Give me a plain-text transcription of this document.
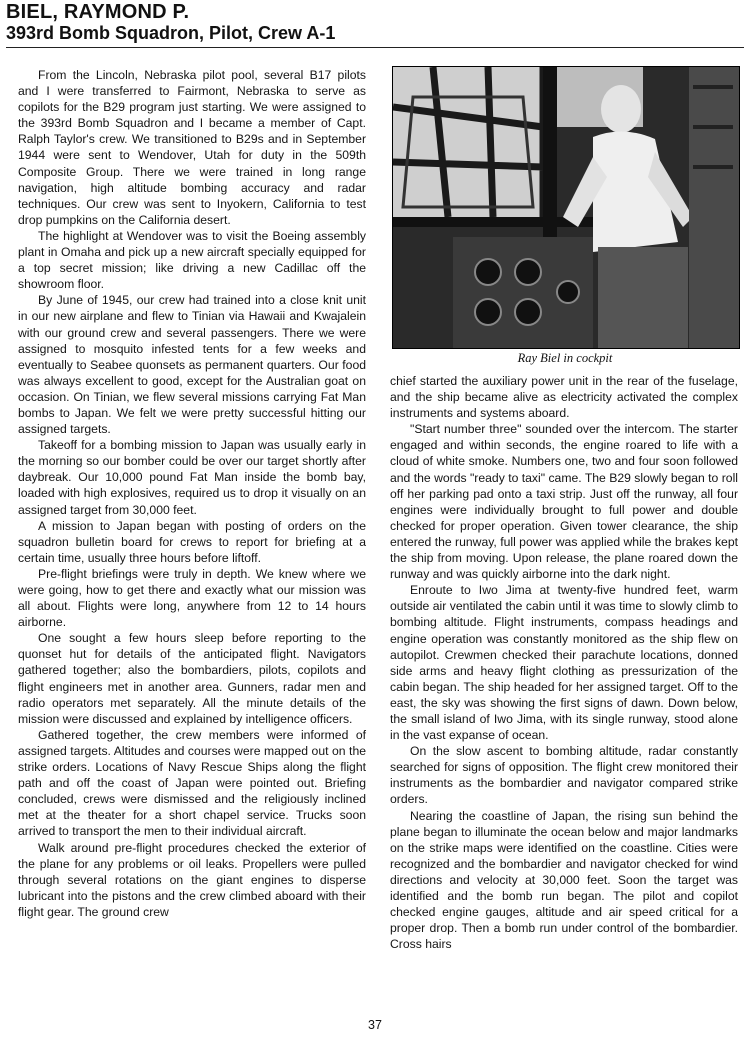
BIEL, RAYMOND P.
393rd Bomb Squadron, Pilot, Crew A-1

From the Lincoln, Nebraska pilot pool, several B17 pilots and I were transferred to Fairmont, Nebraska to serve as copilots for the B29 program just starting. We were assigned to the 393rd Bomb Squadron and I became a member of Capt. Ralph Taylor's crew. We transitioned to B29s and in September 1944 were sent to Wendover, Utah for duty in the 509th Composite Group. There we were trained in long range navigation, high altitude bombing accuracy and radar techniques. Our crew was sent to Inyokern, California to test drop pumpkins on the California desert.

The highlight at Wendover was to visit the Boeing assembly plant in Omaha and pick up a new aircraft specially equipped for a top secret mission; like driving a new Cadillac off the showroom floor.

By June of 1945, our crew had trained into a close knit unit in our new airplane and flew to Tinian via Hawaii and Kwajalein with our ground crew and several passengers. There we were assigned to mosquito infested tents for a few weeks and eventually to Seabee quonsets as permanent quarters. Our food was always excellent to good, except for the Australian goat on occasion. On Tinian, we flew several missions carrying Fat Man bombs to Japan. We felt we were pretty successful hitting our assigned targets.

Takeoff for a bombing mission to Japan was usually early in the morning so our bomber could be over our target shortly after daybreak. Our 10,000 pound Fat Man inside the bomb bay, loaded with high explosives, required us to drop it visually on an assigned target from 30,000 feet.

A mission to Japan began with posting of orders on the squadron bulletin board for crews to report for briefing at a certain time, usually three hours before liftoff.

Pre-flight briefings were truly in depth. We knew where we were going, how to get there and exactly what our mission was all about. Flights were long, anywhere from 12 to 14 hours airborne.

One sought a few hours sleep before reporting to the quonset hut for details of the anticipated flight. Navigators gathered together; also the bombardiers, pilots, copilots and flight engineers met in another area. Gunners, radar men and radio operators met separately. All the minute details of the mission were discussed and explained by intelligence officers.

Gathered together, the crew members were informed of assigned targets. Altitudes and courses were mapped out on the strike orders. Locations of Navy Rescue Ships along the flight path and off the coast of Japan were pointed out. Briefing concluded, crews were dismissed and the religiously inclined met at the theater for a short chapel service. Trucks soon arrived to transport the men to their individual aircraft.

Walk around pre-flight procedures checked the exterior of the plane for any problems or oil leaks. Propellers were pulled through several rotations on the giant engines to disperse lubricant into the pistons and the crew climbed aboard with their flight gear. The ground crew

Ray Biel in cockpit

chief started the auxiliary power unit in the rear of the fuselage, and the ship became alive as electricity activated the complex instruments and systems aboard.

"Start number three" sounded over the intercom. The starter engaged and within seconds, the engine roared to life with a cloud of white smoke. Numbers one, two and four soon followed and the words "ready to taxi" came. The B29 slowly began to roll off her parking pad onto a taxi strip. Just off the runway, all four engines were individually brought to full power and double checked for proper operation. Given tower clearance, the ship entered the runway, full power was applied while the brakes kept the ship from moving. Upon release, the plane roared down the runway and was quickly airborne into the dark night.

Enroute to Iwo Jima at twenty-five hundred feet, warm outside air ventilated the cabin until it was time to slowly climb to bombing altitude. Flight instruments, compass headings and engine operation was constantly monitored as the ship flew on autopilot. Crewmen checked their parachute locations, donned side arms and heavy flight clothing as pressurization of the cabin began. The ship headed for her assigned target. Off to the east, the sky was showing the first signs of dawn. Down below, the small island of Iwo Jima, with its single runway, stood alone in the vast expanse of ocean.

On the slow ascent to bombing altitude, radar constantly searched for signs of opposition. The flight crew monitored their instruments as the bombardier and navigator compared strike orders.

Nearing the coastline of Japan, the rising sun behind the plane began to illuminate the ocean below and major landmarks on the strike maps were identified on the coastline. Cities were recognized and the bombardier and navigator checked for wind directions and velocity at 30,000 feet. Soon the target was identified and the bomb run began. The pilot and copilot checked engine gauges, altitude and air speed critical for a proper drop. Then a bomb run under control of the bombardier. Cross hairs

37
